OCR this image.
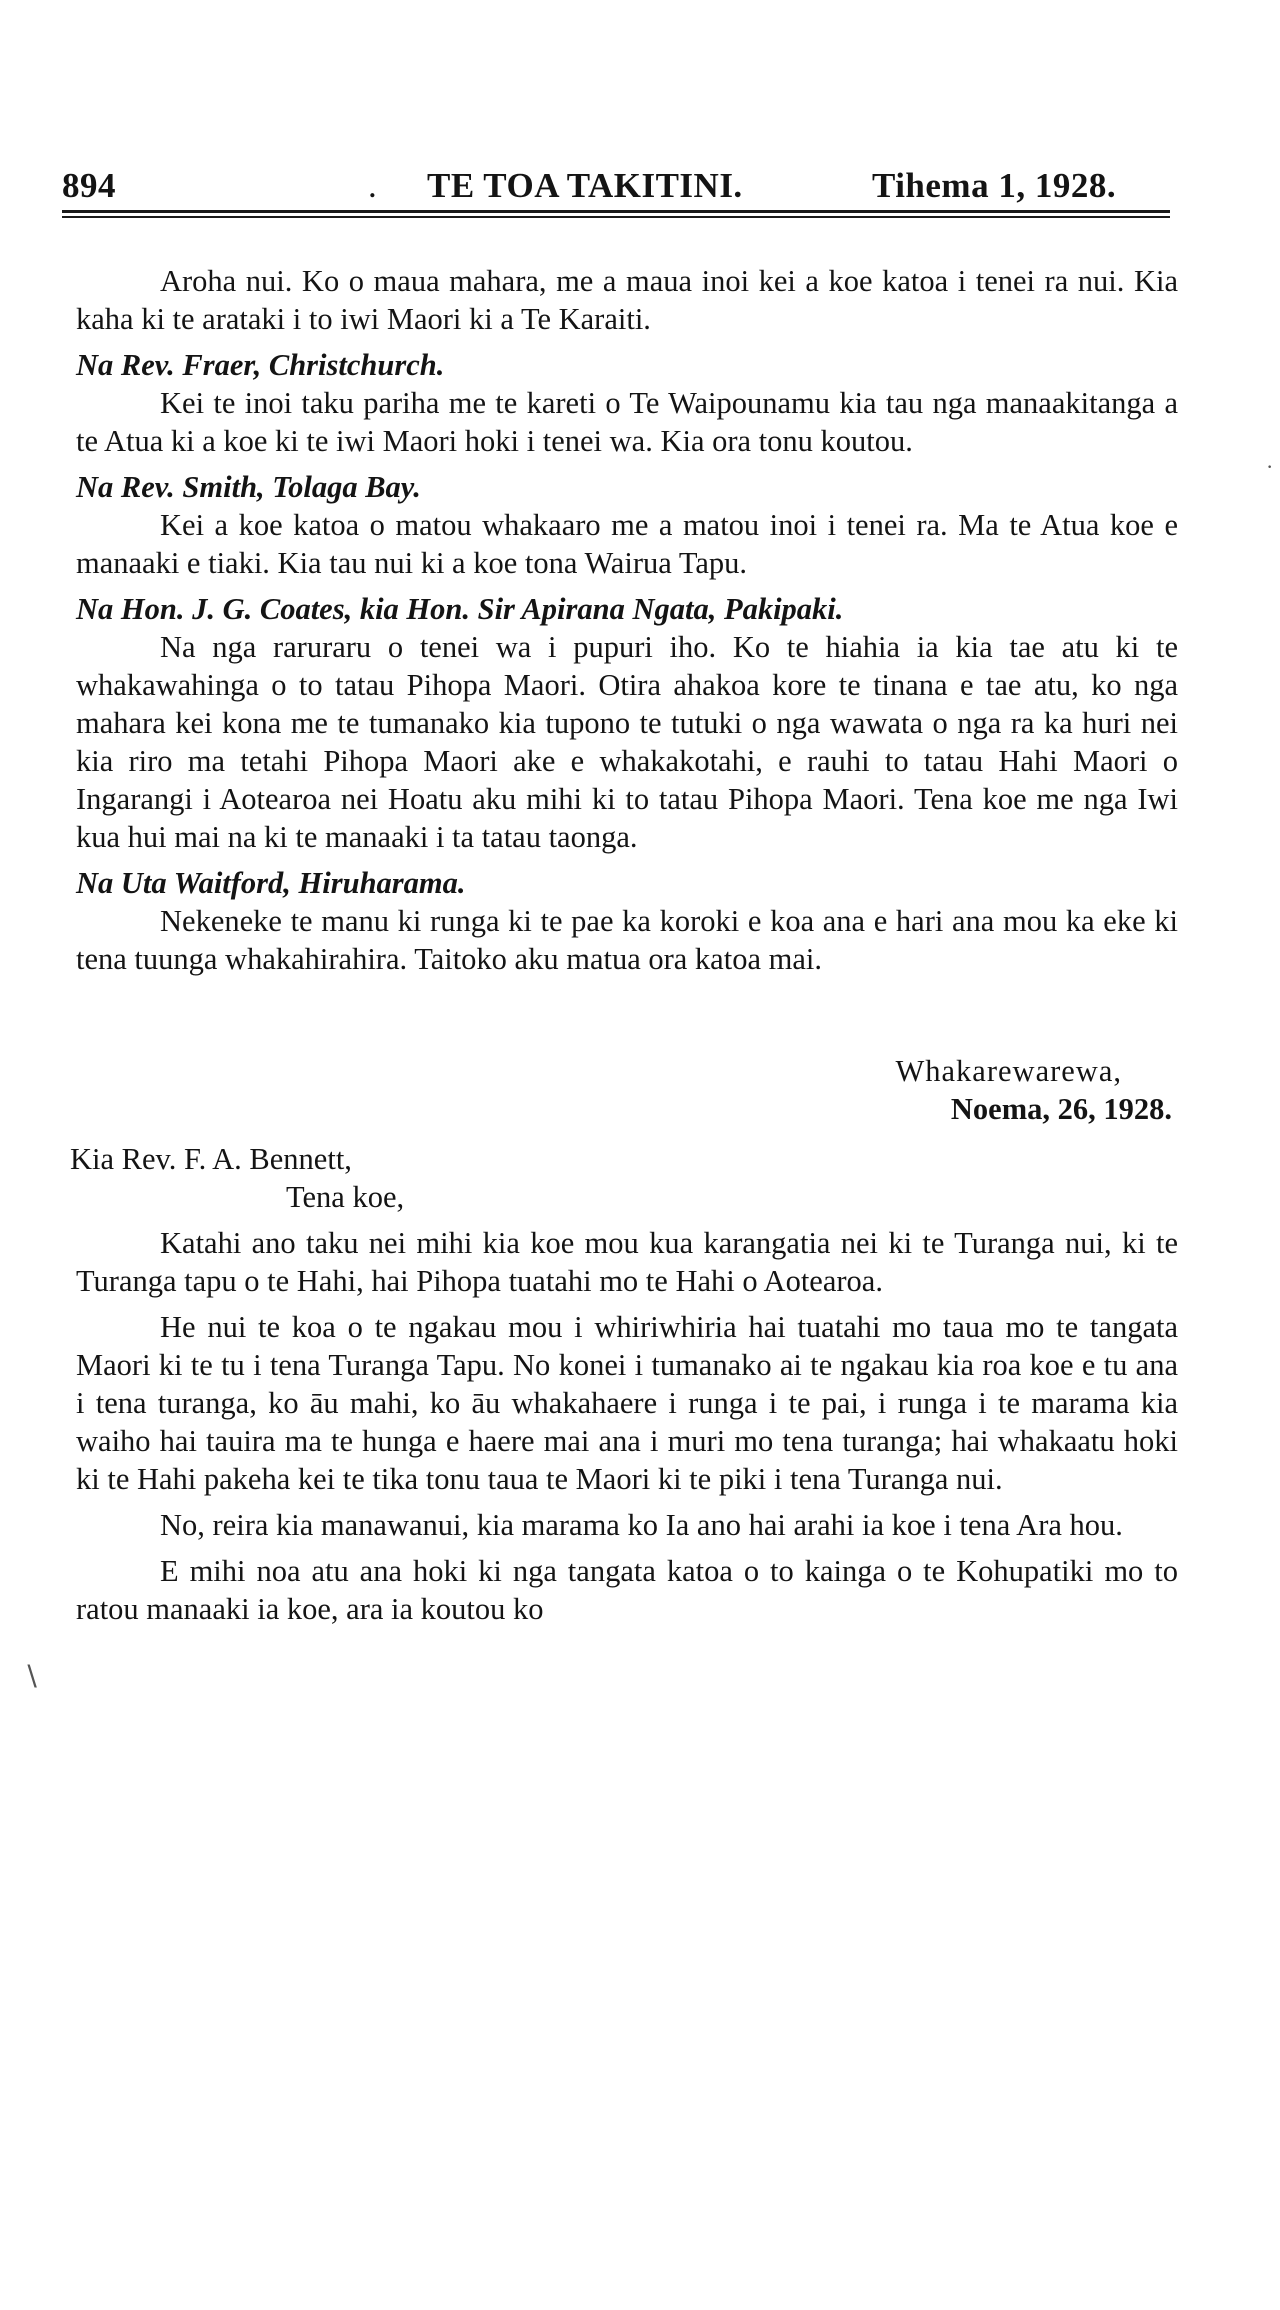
894	. TE TOA TAKITINI.	Tihema 1, 1928.

Aroha nui. Ko o maua mahara, me a maua inoi kei a koe katoa i tenei ra nui. Kia kaha ki te arataki i to iwi Maori ki a Te Karaiti.

Na Rev. Fraer, Christchurch.

Kei te inoi taku pariha me te kareti o Te Waipounamu kia tau nga manaakitanga a te Atua ki a koe ki te iwi Maori hoki i tenei wa. Kia ora tonu koutou.

Na Rev. Smith, Tolaga Bay.

Kei a koe katoa o matou whakaaro me a matou inoi i tenei ra. Ma te Atua koe e manaaki e tiaki. Kia tau nui ki a koe tona Wairua Tapu.

Na Hon. J. G. Coates, kia Hon. Sir Apirana Ngata, Pakipaki.

Na nga raruraru o tenei wa i pupuri iho. Ko te hiahia ia kia tae atu ki te whakawahinga o to tatau Pihopa Maori. Otira ahakoa kore te tinana e tae atu, ko nga mahara kei kona me te tumanako kia tupono te tutuki o nga wawata o nga ra ka huri nei kia riro ma tetahi Pihopa Maori ake e whakakotahi, e rauhi to tatau Hahi Maori o Ingarangi i Aotearoa nei Hoatu aku mihi ki to tatau Pihopa Maori. Tena koe me nga Iwi kua hui mai na ki te manaaki i ta tatau taonga.

Na Uta Waitford, Hiruharama.

Nekeneke te manu ki runga ki te pae ka koroki e koa ana e hari ana mou ka eke ki tena tuunga whakahirahira. Taitoko aku matua ora katoa mai.

Whakarewarewa,
Noema, 26, 1928.

Kia Rev. F. A. Bennett,

Tena koe,

Katahi ano taku nei mihi kia koe mou kua karangatia nei ki te Turanga nui, ki te Turanga tapu o te Hahi, hai Pihopa tuatahi mo te Hahi o Aotearoa.

He nui te koa o te ngakau mou i whiriwhiria hai tuatahi mo taua mo te tangata Maori ki te tu i tena Turanga Tapu. No konei i tumanako ai te ngakau kia roa koe e tu ana i tena turanga, ko āu mahi, ko āu whakahaere i runga i te pai, i runga i te marama kia waiho hai tauira ma te hunga e haere mai ana i muri mo tena turanga; hai whakaatu hoki ki te Hahi pakeha kei te tika tonu taua te Maori ki te piki i tena Turanga nui.

No, reira kia manawanui, kia marama ko Ia ano hai arahi ia koe i tena Ara hou.

E mihi noa atu ana hoki ki nga tangata katoa o to kainga o te Kohupatiki mo to ratou manaaki ia koe, ara ia koutou ko

·
∖
